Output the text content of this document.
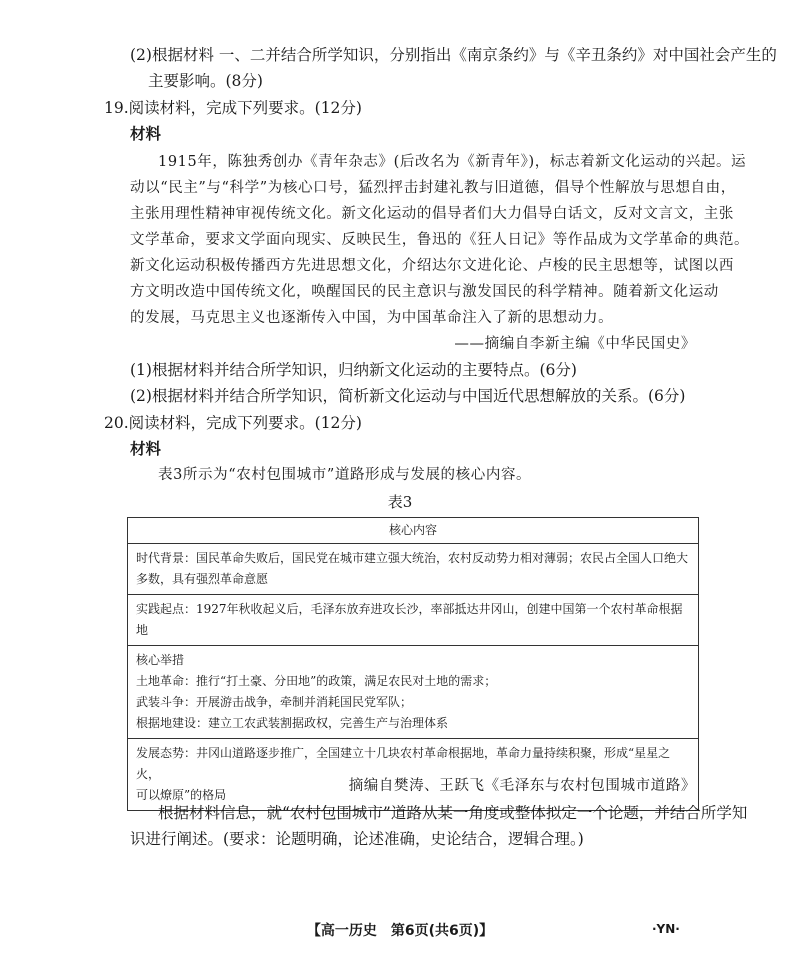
(2)根据材料 一、二并结合所学知识，分别指出《南京条约》与《辛丑条约》对中国社会产生的
主要影响。(8分)
19.阅读材料，完成下列要求。(12分)
材料
1915年，陈独秀创办《青年杂志》(后改名为《新青年》)，标志着新文化运动的兴起。运
动以“民主”与“科学”为核心口号，猛烈抨击封建礼教与旧道德，倡导个性解放与思想自由，
主张用理性精神审视传统文化。新文化运动的倡导者们大力倡导白话文，反对文言文，主张
文学革命，要求文学面向现实、反映民生，鲁迅的《狂人日记》等作品成为文学革命的典范。
新文化运动积极传播西方先进思想文化，介绍达尔文进化论、卢梭的民主思想等，试图以西
方文明改造中国传统文化，唤醒国民的民主意识与激发国民的科学精神。随着新文化运动
的发展，马克思主义也逐渐传入中国，为中国革命注入了新的思想动力。
——摘编自李新主编《中华民国史》
(1)根据材料并结合所学知识，归纳新文化运动的主要特点。(6分)
(2)根据材料并结合所学知识，简析新文化运动与中国近代思想解放的关系。(6分)
20.阅读材料，完成下列要求。(12分)
材料
表3所示为“农村包围城市”道路形成与发展的核心内容。
表3
核心内容

时代背景：国民革命失败后，国民党在城市建立强大统治，农村反动势力相对薄弱；农民占全国人口绝大
多数，具有强烈革命意愿

实践起点：1927年秋收起义后，毛泽东放弃进攻长沙，率部抵达井冈山，创建中国第一个农村革命根据地

核心举措
土地革命：推行“打土豪、分田地”的政策，满足农民对土地的需求；
武装斗争：开展游击战争，牵制并消耗国民党军队；
根据地建设：建立工农武装割据政权，完善生产与治理体系

发展态势：井冈山道路逐步推广，全国建立十几块农村革命根据地，革命力量持续积聚，形成“星星之火，
可以燎原”的格局
摘编自樊涛、王跃飞《毛泽东与农村包围城市道路》
根据材料信息，就“农村包围城市”道路从某一角度或整体拟定一个论题，并结合所学知
识进行阐述。(要求：论题明确，论述准确，史论结合，逻辑合理。)
【高一历史　第6页(共6页)】	·YN·
